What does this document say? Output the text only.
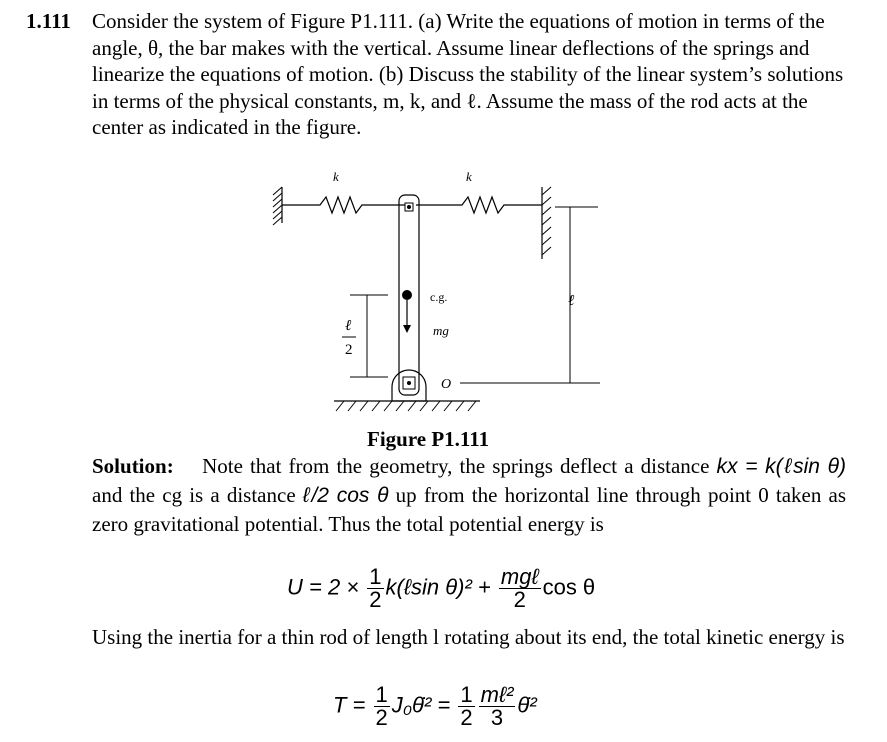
1.111 Consider the system of Figure P1.111. (a) Write the equations of motion in terms of the angle, θ, the bar makes with the vertical. Assume linear deflections of the springs and linearize the equations of motion. (b) Discuss the stability of the linear system’s solutions in terms of the physical constants, m, k, and ℓ. Assume the mass of the rod acts at the center as indicated in the figure.
k	k
c.g.
mg
O
ℓ
ℓ
2
Figure P1.111
Solution: Note that from the geometry, the springs deflect a distance kx = k(ℓsin θ) and the cg is a distance ℓ/2 cos θ up from the horizontal line through point 0 taken as zero gravitational potential. Thus the total potential energy is
$U = 2 \times \frac{1}{2}$ k(ℓsin $\theta)^2 + \frac{\text{mgℓ}}{2}$ cos θ
Using the inertia for a thin rod of length l rotating about its end, the total kinetic energy is
$T = \frac{1}{2}$ J₀θ̇² = $\frac{1}{2} \frac{\text{mℓ²}}{3}$ θ̇²
